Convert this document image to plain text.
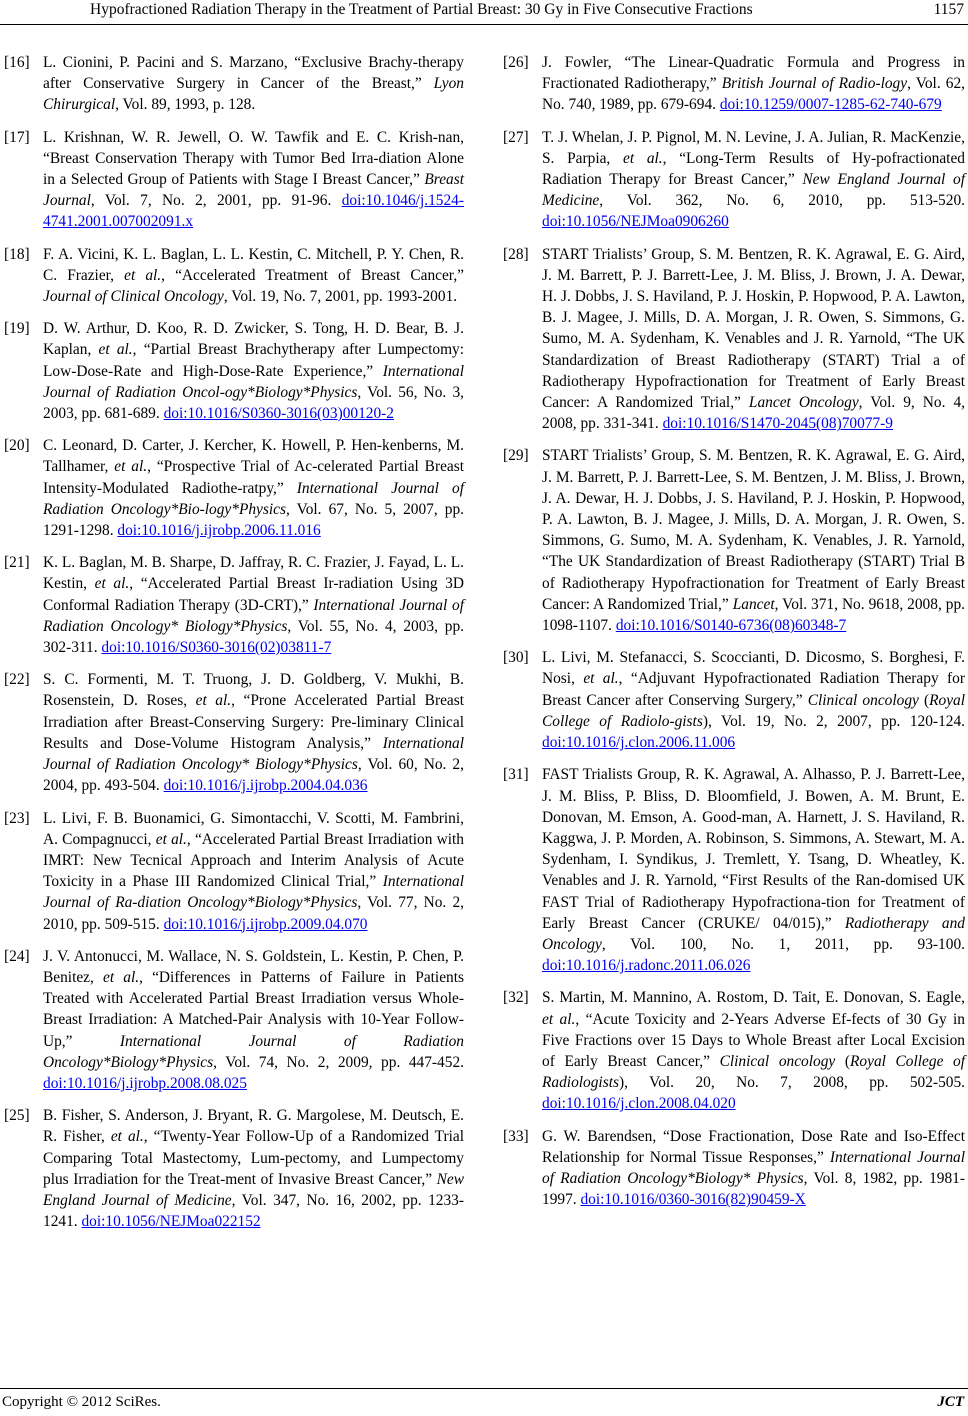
Hypofractioned Radiation Therapy in the Treatment of Partial Breast: 30 Gy in Five Consecutive Fractions	1157
[16] L. Cionini, P. Pacini and S. Marzano, “Exclusive Brachy-therapy after Conservative Surgery in Cancer of the Breast,” Lyon Chirurgical, Vol. 89, 1993, p. 128.
[17] L. Krishnan, W. R. Jewell, O. W. Tawfik and E. C. Krish-nan, “Breast Conservation Therapy with Tumor Bed Irra-diation Alone in a Selected Group of Patients with Stage I Breast Cancer,” Breast Journal, Vol. 7, No. 2, 2001, pp. 91-96. doi:10.1046/j.1524-4741.2001.007002091.x
[18] F. A. Vicini, K. L. Baglan, L. L. Kestin, C. Mitchell, P. Y. Chen, R. C. Frazier, et al., “Accelerated Treatment of Breast Cancer,” Journal of Clinical Oncology, Vol. 19, No. 7, 2001, pp. 1993-2001.
[19] D. W. Arthur, D. Koo, R. D. Zwicker, S. Tong, H. D. Bear, B. J. Kaplan, et al., “Partial Breast Brachytherapy after Lumpectomy: Low-Dose-Rate and High-Dose-Rate Experience,” International Journal of Radiation Oncol-ogy*Biology*Physics, Vol. 56, No. 3, 2003, pp. 681-689. doi:10.1016/S0360-3016(03)00120-2
[20] C. Leonard, D. Carter, J. Kercher, K. Howell, P. Hen-kenberns, M. Tallhamer, et al., “Prospective Trial of Ac-celerated Partial Breast Intensity-Modulated Radiothe-ratpy,” International Journal of Radiation Oncology*Bio-logy*Physics, Vol. 67, No. 5, 2007, pp. 1291-1298. doi:10.1016/j.ijrobp.2006.11.016
[21] K. L. Baglan, M. B. Sharpe, D. Jaffray, R. C. Frazier, J. Fayad, L. L. Kestin, et al., “Accelerated Partial Breast Ir-radiation Using 3D Conformal Radiation Therapy (3D-CRT),” International Journal of Radiation Oncology* Biology*Physics, Vol. 55, No. 4, 2003, pp. 302-311. doi:10.1016/S0360-3016(02)03811-7
[22] S. C. Formenti, M. T. Truong, J. D. Goldberg, V. Mukhi, B. Rosenstein, D. Roses, et al., “Prone Accelerated Partial Breast Irradiation after Breast-Conserving Surgery: Pre-liminary Clinical Results and Dose-Volume Histogram Analysis,” International Journal of Radiation Oncology* Biology*Physics, Vol. 60, No. 2, 2004, pp. 493-504. doi:10.1016/j.ijrobp.2004.04.036
[23] L. Livi, F. B. Buonamici, G. Simontacchi, V. Scotti, M. Fambrini, A. Compagnucci, et al., “Accelerated Partial Breast Irradiation with IMRT: New Tecnical Approach and Interim Analysis of Acute Toxicity in a Phase III Randomized Clinical Trial,” International Journal of Ra-diation Oncology*Biology*Physics, Vol. 77, No. 2, 2010, pp. 509-515. doi:10.1016/j.ijrobp.2009.04.070
[24] J. V. Antonucci, M. Wallace, N. S. Goldstein, L. Kestin, P. Chen, P. Benitez, et al., “Differences in Patterns of Failure in Patients Treated with Accelerated Partial Breast Irradiation versus Whole-Breast Irradiation: A Matched-Pair Analysis with 10-Year Follow-Up,” International Journal of Radiation Oncology*Biology*Physics, Vol. 74, No. 2, 2009, pp. 447-452. doi:10.1016/j.ijrobp.2008.08.025
[25] B. Fisher, S. Anderson, J. Bryant, R. G. Margolese, M. Deutsch, E. R. Fisher, et al., “Twenty-Year Follow-Up of a Randomized Trial Comparing Total Mastectomy, Lum-pectomy, and Lumpectomy plus Irradiation for the Treat-ment of Invasive Breast Cancer,” New England Journal of Medicine, Vol. 347, No. 16, 2002, pp. 1233-1241. doi:10.1056/NEJMoa022152
[26] J. Fowler, “The Linear-Quadratic Formula and Progress in Fractionated Radiotherapy,” British Journal of Radio-logy, Vol. 62, No. 740, 1989, pp. 679-694. doi:10.1259/0007-1285-62-740-679
[27] T. J. Whelan, J. P. Pignol, M. N. Levine, J. A. Julian, R. MacKenzie, S. Parpia, et al., “Long-Term Results of Hy-pofractionated Radiation Therapy for Breast Cancer,” New England Journal of Medicine, Vol. 362, No. 6, 2010, pp. 513-520. doi:10.1056/NEJMoa0906260
[28] START Trialists’ Group, S. M. Bentzen, R. K. Agrawal, E. G. Aird, J. M. Barrett, P. J. Barrett-Lee, J. M. Bliss, J. Brown, J. A. Dewar, H. J. Dobbs, J. S. Haviland, P. J. Hoskin, P. Hopwood, P. A. Lawton, B. J. Magee, J. Mills, D. A. Morgan, J. R. Owen, S. Simmons, G. Sumo, M. A. Sydenham, K. Venables and J. R. Yarnold, “The UK Standardization of Breast Radiotherapy (START) Trial a of Radiotherapy Hypofractionation for Treatment of Early Breast Cancer: A Randomized Trial,” Lancet Oncology, Vol. 9, No. 4, 2008, pp. 331-341. doi:10.1016/S1470-2045(08)70077-9
[29] START Trialists’ Group, S. M. Bentzen, R. K. Agrawal, E. G. Aird, J. M. Barrett, P. J. Barrett-Lee, S. M. Bentzen, J. M. Bliss, J. Brown, J. A. Dewar, H. J. Dobbs, J. S. Haviland, P. J. Hoskin, P. Hopwood, P. A. Lawton, B. J. Magee, J. Mills, D. A. Morgan, J. R. Owen, S. Simmons, G. Sumo, M. A. Sydenham, K. Venables, J. R. Yarnold, “The UK Standardization of Breast Radiotherapy (START) Trial B of Radiotherapy Hypofractionation for Treatment of Early Breast Cancer: A Randomized Trial,” Lancet, Vol. 371, No. 9618, 2008, pp. 1098-1107. doi:10.1016/S0140-6736(08)60348-7
[30] L. Livi, M. Stefanacci, S. Scoccianti, D. Dicosmo, S. Borghesi, F. Nosi, et al., “Adjuvant Hypofractionated Radiation Therapy for Breast Cancer after Conserving Surgery,” Clinical oncology (Royal College of Radiolo-gists), Vol. 19, No. 2, 2007, pp. 120-124. doi:10.1016/j.clon.2006.11.006
[31] FAST Trialists Group, R. K. Agrawal, A. Alhasso, P. J. Barrett-Lee, J. M. Bliss, P. Bliss, D. Bloomfield, J. Bowen, A. M. Brunt, E. Donovan, M. Emson, A. Good-man, A. Harnett, J. S. Haviland, R. Kaggwa, J. P. Morden, A. Robinson, S. Simmons, A. Stewart, M. A. Sydenham, I. Syndikus, J. Tremlett, Y. Tsang, D. Wheatley, K. Venables and J. R. Yarnold, “First Results of the Ran-domised UK FAST Trial of Radiotherapy Hypofractiona-tion for Treatment of Early Breast Cancer (CRUKE/ 04/015),” Radiotherapy and Oncology, Vol. 100, No. 1, 2011, pp. 93-100. doi:10.1016/j.radonc.2011.06.026
[32] S. Martin, M. Mannino, A. Rostom, D. Tait, E. Donovan, S. Eagle, et al., “Acute Toxicity and 2-Years Adverse Ef-fects of 30 Gy in Five Fractions over 15 Days to Whole Breast after Local Excision of Early Breast Cancer,” Clinical oncology (Royal College of Radiologists), Vol. 20, No. 7, 2008, pp. 502-505. doi:10.1016/j.clon.2008.04.020
[33] G. W. Barendsen, “Dose Fractionation, Dose Rate and Iso-Effect Relationship for Normal Tissue Responses,” International Journal of Radiation Oncology*Biology* Physics, Vol. 8, 1982, pp. 1981-1997. doi:10.1016/0360-3016(82)90459-X
Copyright © 2012 SciRes.	JCT
